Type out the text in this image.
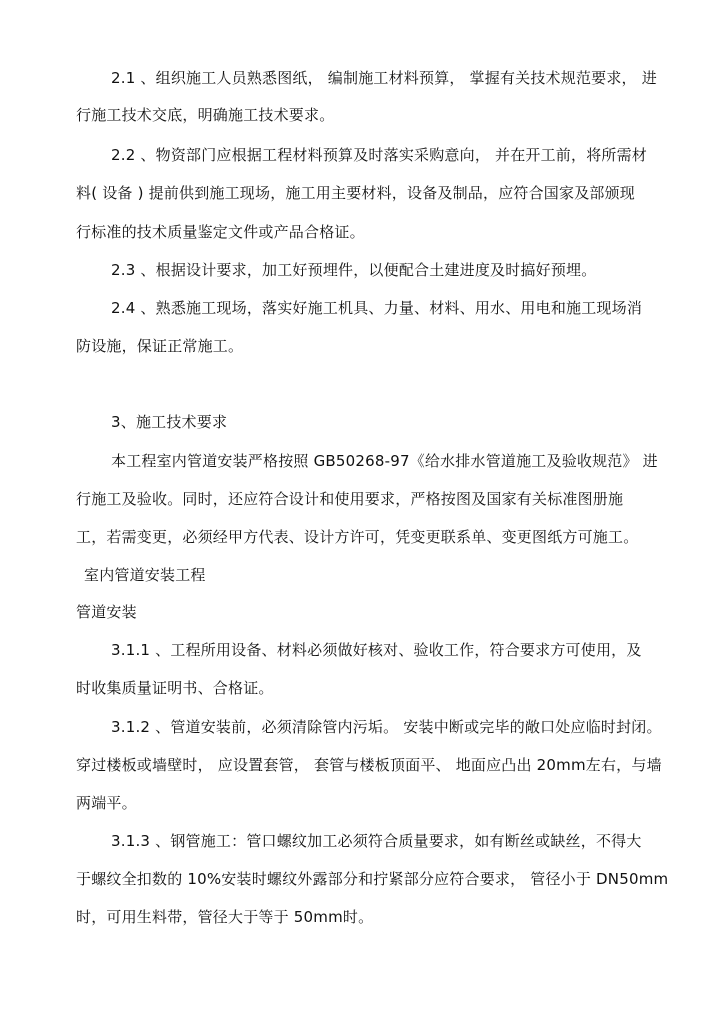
2.1 、组织施工人员熟悉图纸， 编制施工材料预算， 掌握有关技术规范要求， 进
行施工技术交底，明确施工技术要求。
2.2 、物资部门应根据工程材料预算及时落实采购意向， 并在开工前，将所需材
料( 设备 ) 提前供到施工现场，施工用主要材料，设备及制品，应符合国家及部颁现
行标准的技术质量鉴定文件或产品合格证。
2.3 、根据设计要求，加工好预埋件，以便配合土建进度及时搞好预埋。
2.4 、熟悉施工现场，落实好施工机具、力量、材料、用水、用电和施工现场消
防设施，保证正常施工。
3、施工技术要求
本工程室内管道安装严格按照 GB50268-97《给水排水管道施工及验收规范》 进
行施工及验收。同时，还应符合设计和使用要求，严格按图及国家有关标准图册施
工，若需变更，必须经甲方代表、设计方许可，凭变更联系单、变更图纸方可施工。
室内管道安装工程
管道安装
3.1.1 、工程所用设备、材料必须做好核对、验收工作，符合要求方可使用，及
时收集质量证明书、合格证。
3.1.2 、管道安装前，必须清除管内污垢。 安装中断或完毕的敞口处应临时封闭。
穿过楼板或墙壁时， 应设置套管， 套管与楼板顶面平、 地面应凸出 20mm左右，与墙
两端平。
3.1.3 、钢管施工：管口螺纹加工必须符合质量要求，如有断丝或缺丝，不得大
于螺纹全扣数的 10%安装时螺纹外露部分和拧紧部分应符合要求， 管径小于 DN50mm
时，可用生料带，管径大于等于 50mm时。
